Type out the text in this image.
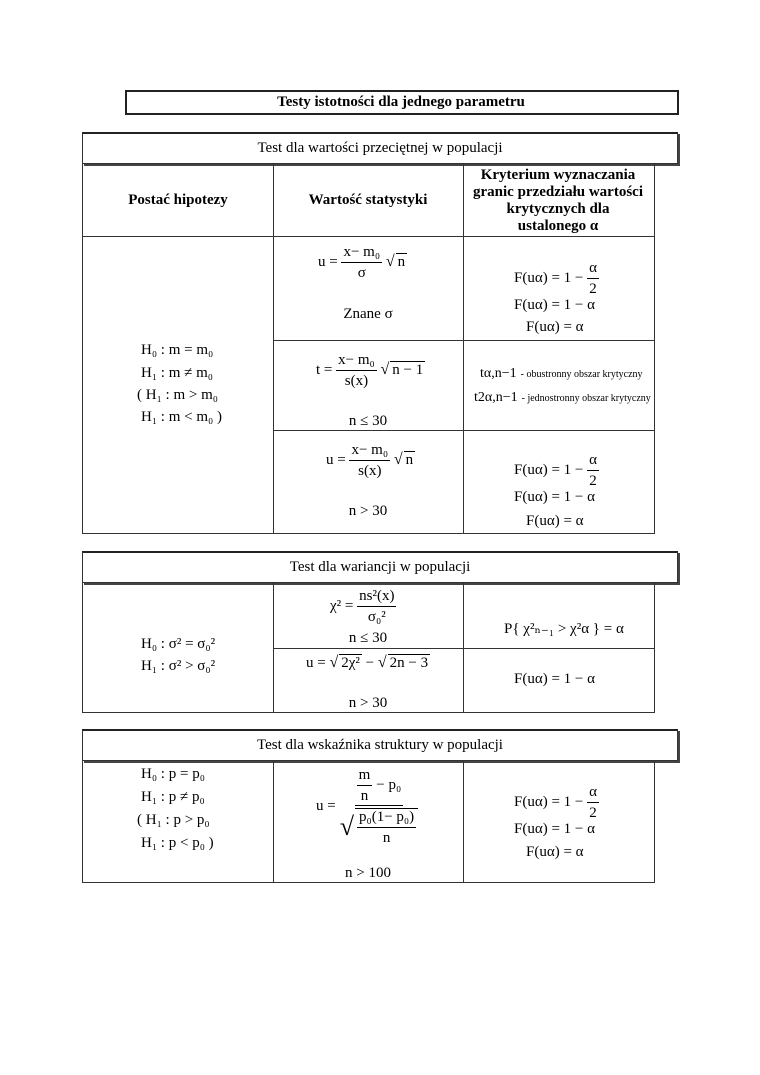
Testy istotności dla jednego parametru
Test dla wartości przeciętnej w populacji
Postać hipotezy	Wartość statystyki
Kryterium wyznaczania
granic przedziału wartości
krytycznych dla
ustalonego α
H₀ : m = m₀
H₁ : m ≠ m₀
( H₁ : m > m₀
H₁ : m < m₀ )
$u = \frac{\text{x− m₀}}{\sigma}$ √ n
Znane σ
$F(u\alpha) = 1 - \frac{\alpha}{2}$
F(uα) = 1 − α
F(uα) = α
$t = \frac{\text{x− m₀}}{s(x)}$ √ n − 1
n ≤ 30
tα,n−1 - obustronny obszar krytyczny
t2α,n−1 - jednostronny obszar krytyczny
$u = \frac{\text{x− m₀}}{s(x)}$ √ n
n > 30
$F(u\alpha) = 1 - \frac{\alpha}{2}$
F(uα) = 1 − α
F(uα) = α
Test dla wariancji w populacji
H₀ : σ² = σ₀²
H₁ : σ² > σ₀²
$\chi^2 = \frac{\text{ns²(x)}}{\text{σ₀²}}$
n ≤ 30
P{ χ²ₙ₋₁ > χ²α } = α
u = √ 2χ² − √ 2n − 3
n > 30
F(uα) = 1 − α
Test dla wskaźnika struktury w populacji
H₀ : p = p₀
H₁ : p ≠ p₀
( H₁ : p > p₀
H₁ : p < p₀ )
$u = \frac{\frac{m}{n} - p_0}{√ \frac{\text{p₀(1− p₀)}}{n}}$
n > 100
$F(u\alpha) = 1 - \frac{\alpha}{2}$
F(uα) = 1 − α
F(uα) = α
